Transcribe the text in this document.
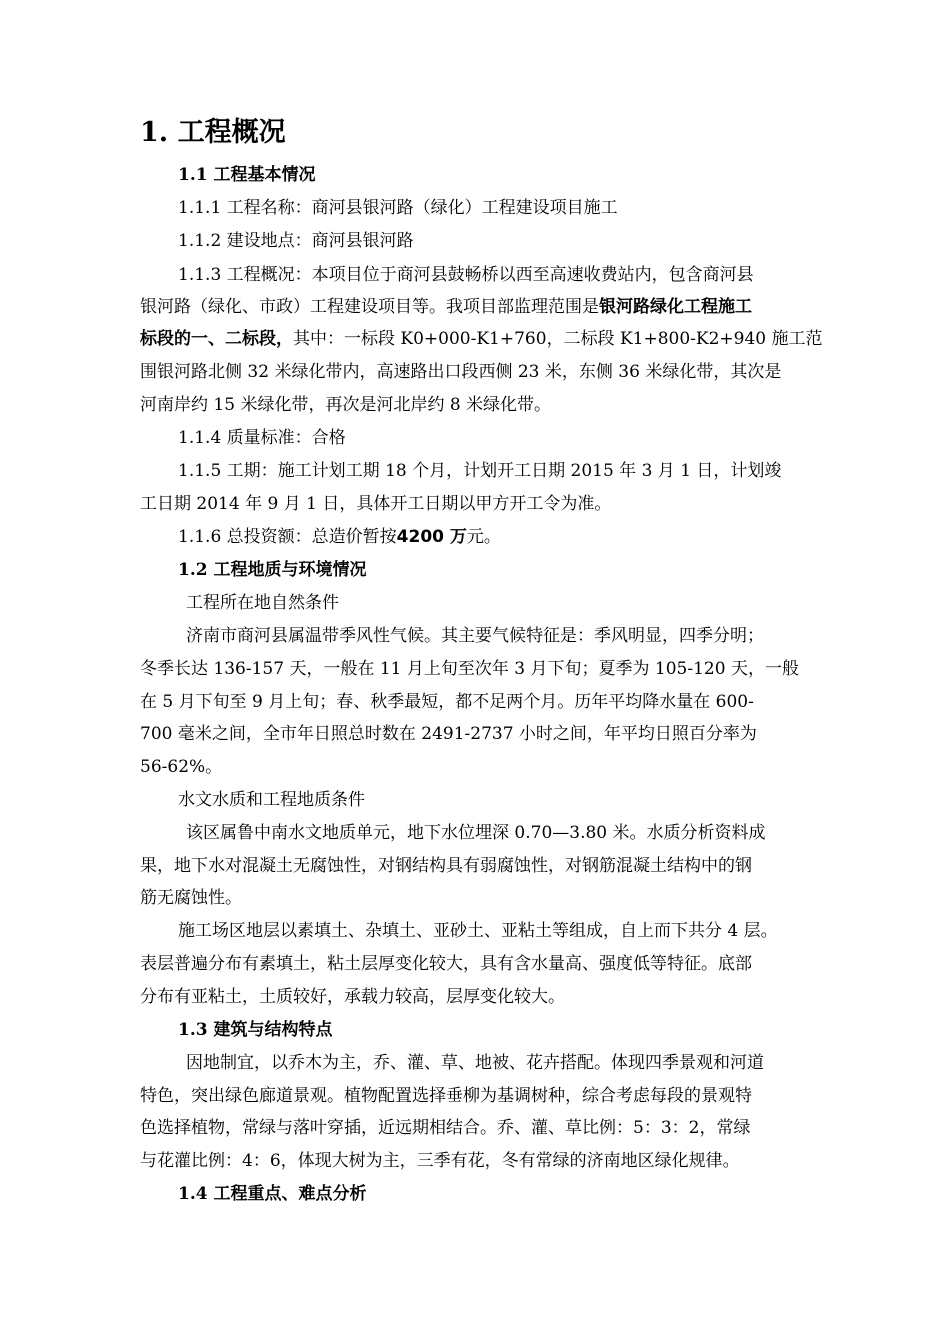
1. 工程概况
1.1 工程基本情况
1.1.1 工程名称：商河县银河路（绿化）工程建设项目施工
1.1.2 建设地点：商河县银河路
1.1.3 工程概况：本项目位于商河县鼓畅桥以西至高速收费站内，包含商河县
银河路（绿化、市政）工程建设项目等。我项目部监理范围是银河路绿化工程施工
标段的一、二标段，其中：一标段 K0+000-K1+760，二标段 K1+800-K2+940 施工范
围银河路北侧 32 米绿化带内，高速路出口段西侧 23 米，东侧 36 米绿化带，其次是
河南岸约 15 米绿化带，再次是河北岸约 8 米绿化带。
1.1.4 质量标准：合格
1.1.5 工期：施工计划工期 18 个月，计划开工日期 2015 年 3 月 1 日，计划竣
工日期 2014 年 9 月 1 日，具体开工日期以甲方开工令为准。
1.1.6 总投资额：总造价暂按4200 万元。
1.2 工程地质与环境情况
工程所在地自然条件
济南市商河县属温带季风性气候。其主要气候特征是：季风明显，四季分明；
冬季长达 136-157 天，一般在 11 月上旬至次年 3 月下旬；夏季为 105-120 天，一般
在 5 月下旬至 9 月上旬；春、秋季最短，都不足两个月。历年平均降水量在 600-
700 毫米之间，全市年日照总时数在 2491-2737 小时之间，年平均日照百分率为
56-62%。
水文水质和工程地质条件
该区属鲁中南水文地质单元，地下水位埋深 0.70—3.80 米。水质分析资料成
果，地下水对混凝土无腐蚀性，对钢结构具有弱腐蚀性，对钢筋混凝土结构中的钢
筋无腐蚀性。
施工场区地层以素填土、杂填土、亚砂土、亚粘土等组成，自上而下共分 4 层。
表层普遍分布有素填土，粘土层厚变化较大，具有含水量高、强度低等特征。底部
分布有亚粘土，土质较好，承载力较高，层厚变化较大。
1.3 建筑与结构特点
因地制宜，以乔木为主，乔、灌、草、地被、花卉搭配。体现四季景观和河道
特色，突出绿色廊道景观。植物配置选择垂柳为基调树种，综合考虑每段的景观特
色选择植物，常绿与落叶穿插，近远期相结合。乔、灌、草比例：5：3：2，常绿
与花灌比例：4：6，体现大树为主，三季有花，冬有常绿的济南地区绿化规律。
1.4 工程重点、难点分析
